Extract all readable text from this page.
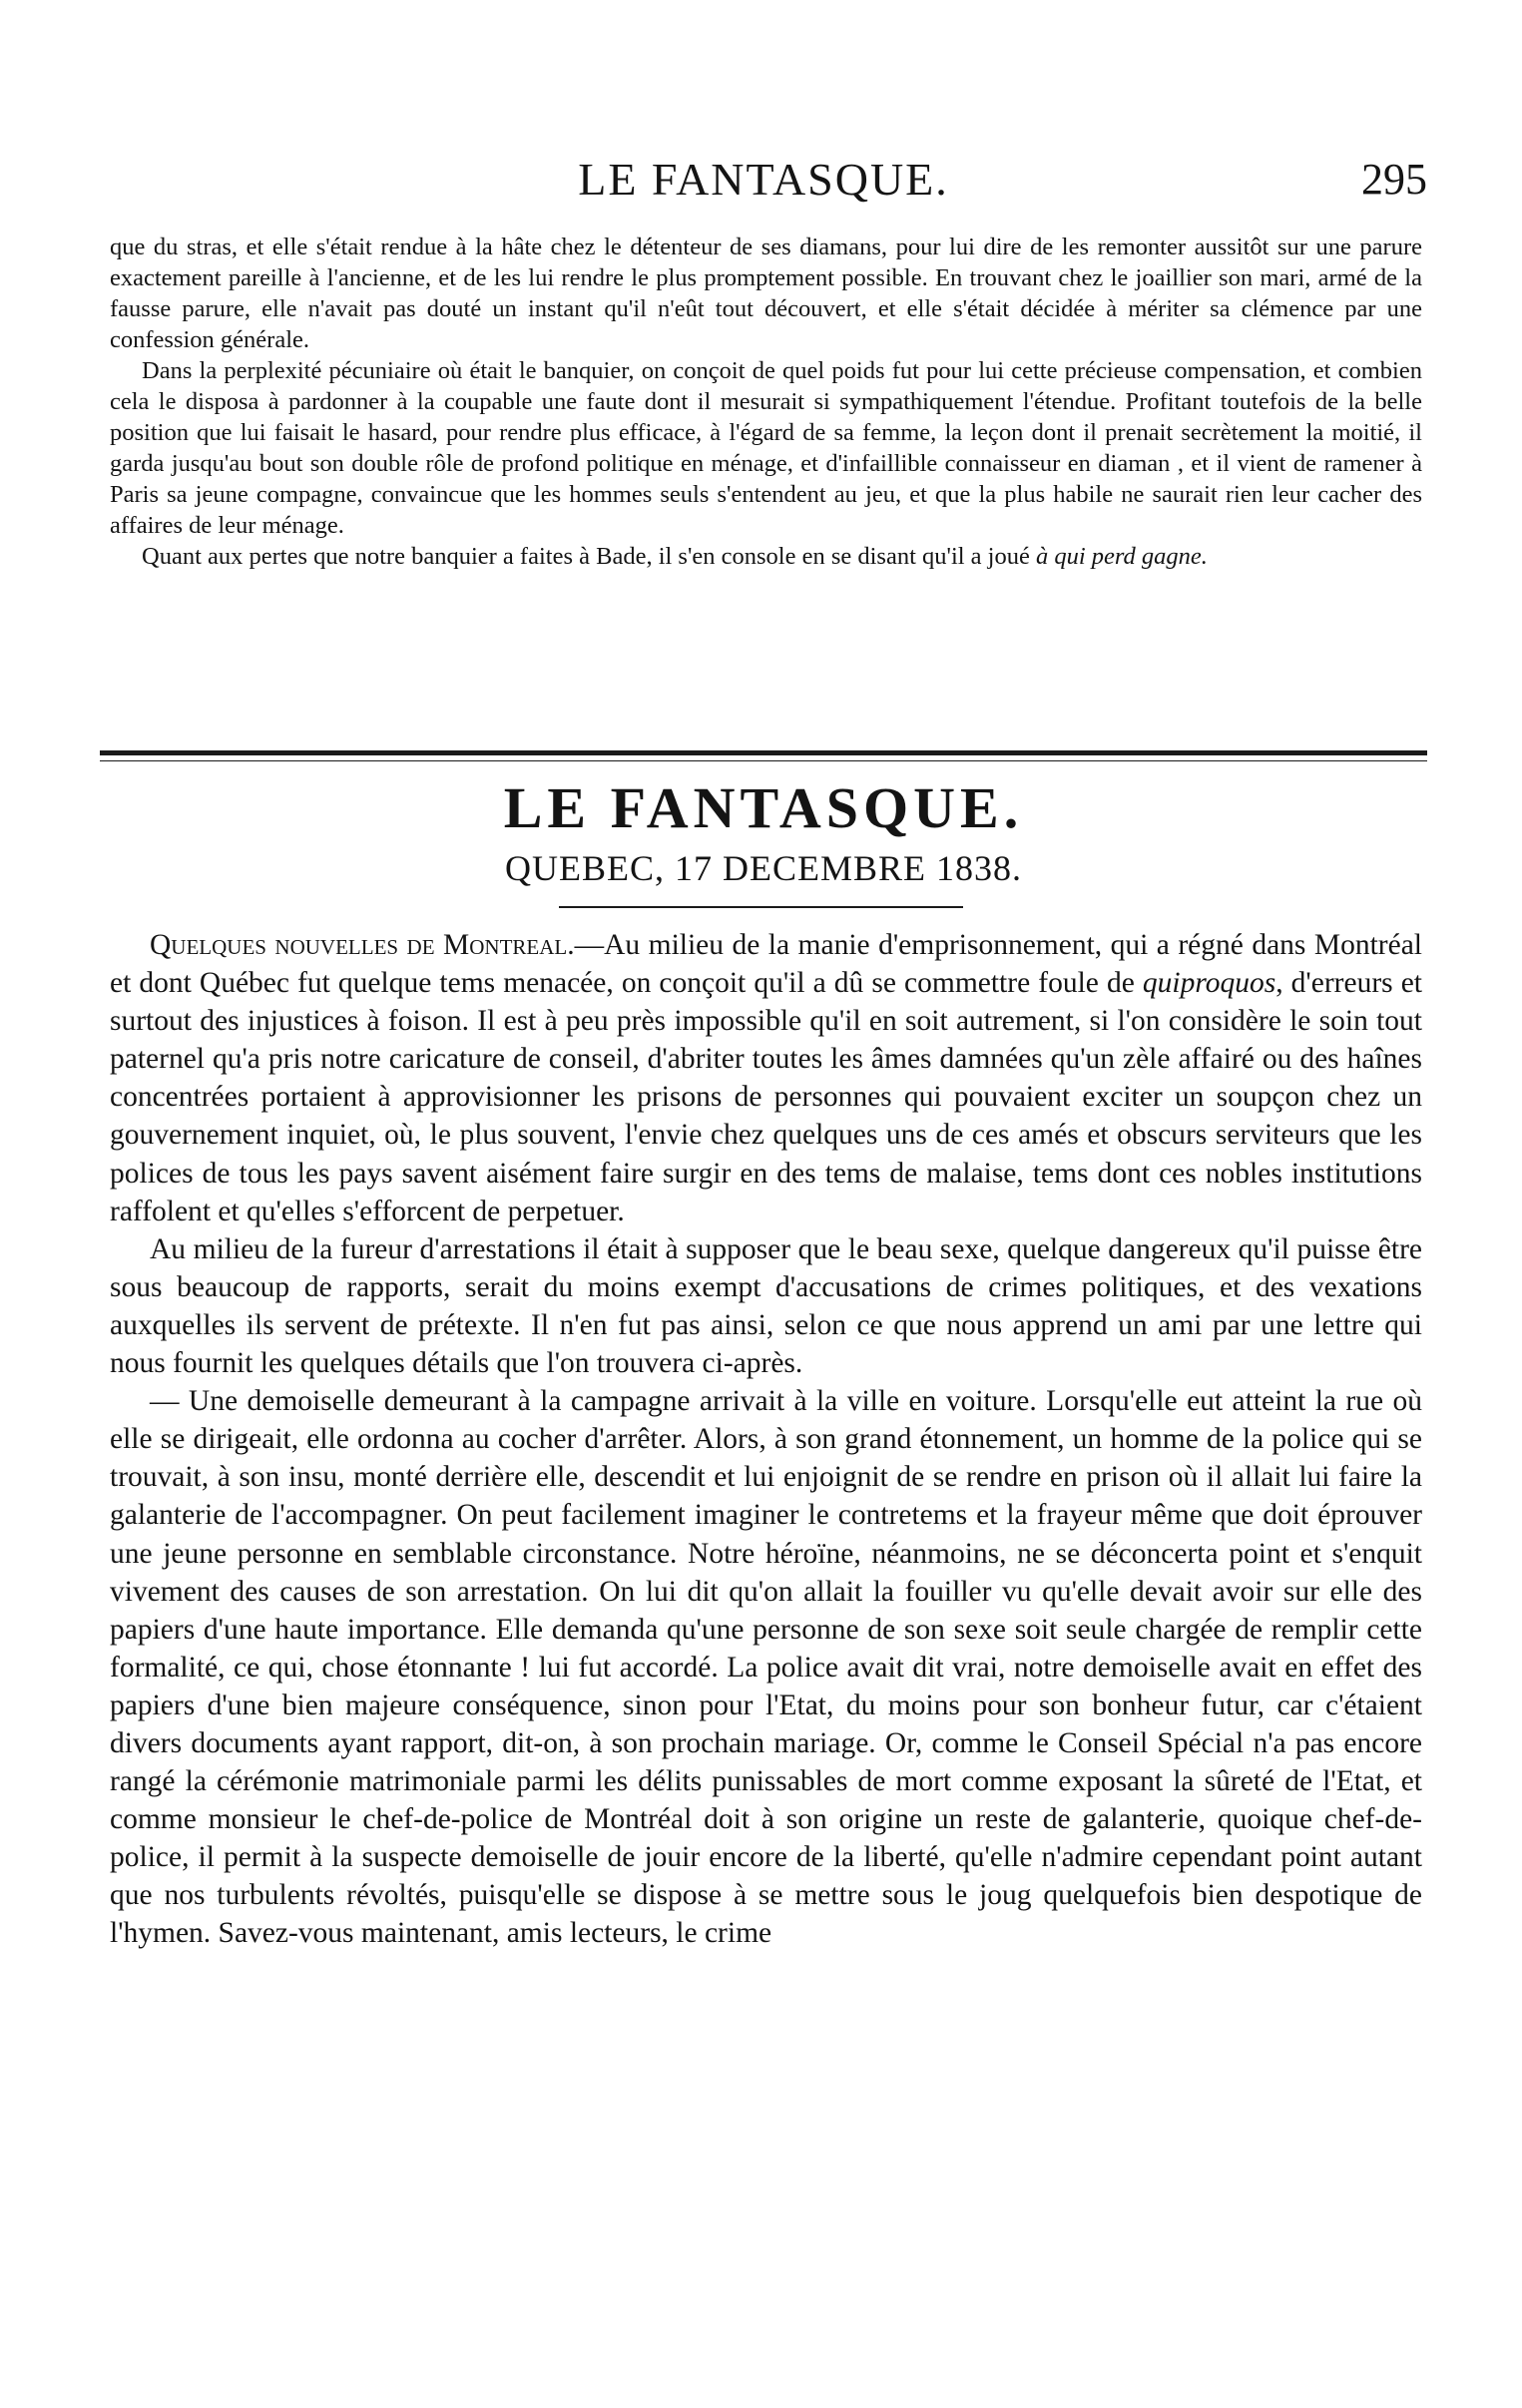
LE FANTASQUE.	295

que du stras, et elle s'était rendue à la hâte chez le détenteur de ses diamans, pour lui dire de les remonter aussitôt sur une parure exactement pareille à l'ancienne, et de les lui rendre le plus promptement possible. En trouvant chez le joaillier son mari, armé de la fausse parure, elle n'avait pas douté un instant qu'il n'eût tout découvert, et elle s'était décidée à mériter sa clémence par une confession générale.

Dans la perplexité pécuniaire où était le banquier, on conçoit de quel poids fut pour lui cette précieuse compensation, et combien cela le disposa à pardonner à la coupable une faute dont il mesurait si sympathiquement l'étendue. Profitant toutefois de la belle position que lui faisait le hasard, pour rendre plus efficace, à l'égard de sa femme, la leçon dont il prenait secrètement la moitié, il garda jusqu'au bout son double rôle de profond politique en ménage, et d'infaillible connaisseur en diaman , et il vient de ramener à Paris sa jeune compagne, convaincue que les hommes seuls s'entendent au jeu, et que la plus habile ne saurait rien leur cacher des affaires de leur ménage.

Quant aux pertes que notre banquier a faites à Bade, il s'en console en se disant qu'il a joué à qui perd gagne.

LE FANTASQUE.
QUEBEC, 17 DECEMBRE 1838.

Quelques nouvelles de Montreal.—Au milieu de la manie d'emprisonnement, qui a régné dans Montréal et dont Québec fut quelque tems menacée, on conçoit qu'il a dû se commettre foule de quiproquos, d'erreurs et surtout des injustices à foison. Il est à peu près impossible qu'il en soit autrement, si l'on considère le soin tout paternel qu'a pris notre caricature de conseil, d'abriter toutes les âmes damnées qu'un zèle affairé ou des haînes concentrées portaient à approvisionner les prisons de personnes qui pouvaient exciter un soupçon chez un gouvernement inquiet, où, le plus souvent, l'envie chez quelques uns de ces amés et obscurs serviteurs que les polices de tous les pays savent aisément faire surgir en des tems de malaise, tems dont ces nobles institutions raffolent et qu'elles s'efforcent de perpetuer.

Au milieu de la fureur d'arrestations il était à supposer que le beau sexe, quelque dangereux qu'il puisse être sous beaucoup de rapports, serait du moins exempt d'accusations de crimes politiques, et des vexations auxquelles ils servent de prétexte. Il n'en fut pas ainsi, selon ce que nous apprend un ami par une lettre qui nous fournit les quelques détails que l'on trouvera ci-après.

— Une demoiselle demeurant à la campagne arrivait à la ville en voiture. Lorsqu'elle eut atteint la rue où elle se dirigeait, elle ordonna au cocher d'arrêter. Alors, à son grand étonnement, un homme de la police qui se trouvait, à son insu, monté derrière elle, descendit et lui enjoignit de se rendre en prison où il allait lui faire la galanterie de l'accompagner. On peut facilement imaginer le contretems et la frayeur même que doit éprouver une jeune personne en semblable circonstance. Notre héroïne, néanmoins, ne se déconcerta point et s'enquit vivement des causes de son arrestation. On lui dit qu'on allait la fouiller vu qu'elle devait avoir sur elle des papiers d'une haute importance. Elle demanda qu'une personne de son sexe soit seule chargée de remplir cette formalité, ce qui, chose étonnante ! lui fut accordé. La police avait dit vrai, notre demoiselle avait en effet des papiers d'une bien majeure conséquence, sinon pour l'Etat, du moins pour son bonheur futur, car c'étaient divers documents ayant rapport, dit-on, à son prochain mariage. Or, comme le Conseil Spécial n'a pas encore rangé la cérémonie matrimoniale parmi les délits punissables de mort comme exposant la sûreté de l'Etat, et comme monsieur le chef-de-police de Montréal doit à son origine un reste de galanterie, quoique chef-de-police, il permit à la suspecte demoiselle de jouir encore de la liberté, qu'elle n'admire cependant point autant que nos turbulents révoltés, puisqu'elle se dispose à se mettre sous le joug quelquefois bien despotique de l'hymen. Savez-vous maintenant, amis lecteurs, le crime
